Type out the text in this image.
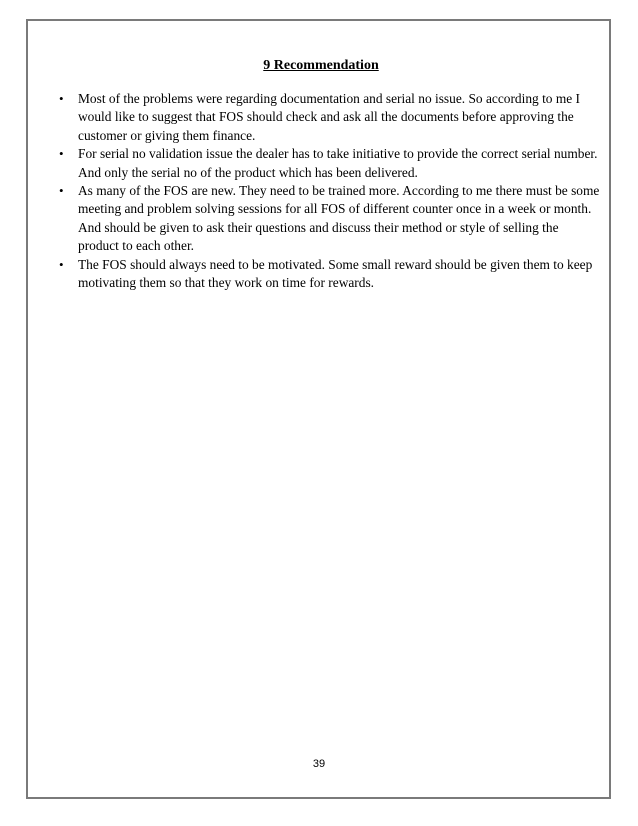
9 Recommendation
•	Most of the problems were regarding documentation and serial no issue. So according to me I would like to suggest that FOS should check and ask all the documents before approving the customer or giving them finance.
•	For serial no validation issue the dealer has to take initiative to provide the correct serial number. And only the serial no of the product which has been delivered.
•	As many of the FOS are new. They need to be trained more. According to me there must be some meeting and problem solving sessions for all FOS of different counter once in a week or month. And should be given to ask their questions and discuss their method or style of selling the product to each other.
•	The FOS should always need to be motivated. Some small reward should be given them to keep motivating them so that they work on time for rewards.
39
